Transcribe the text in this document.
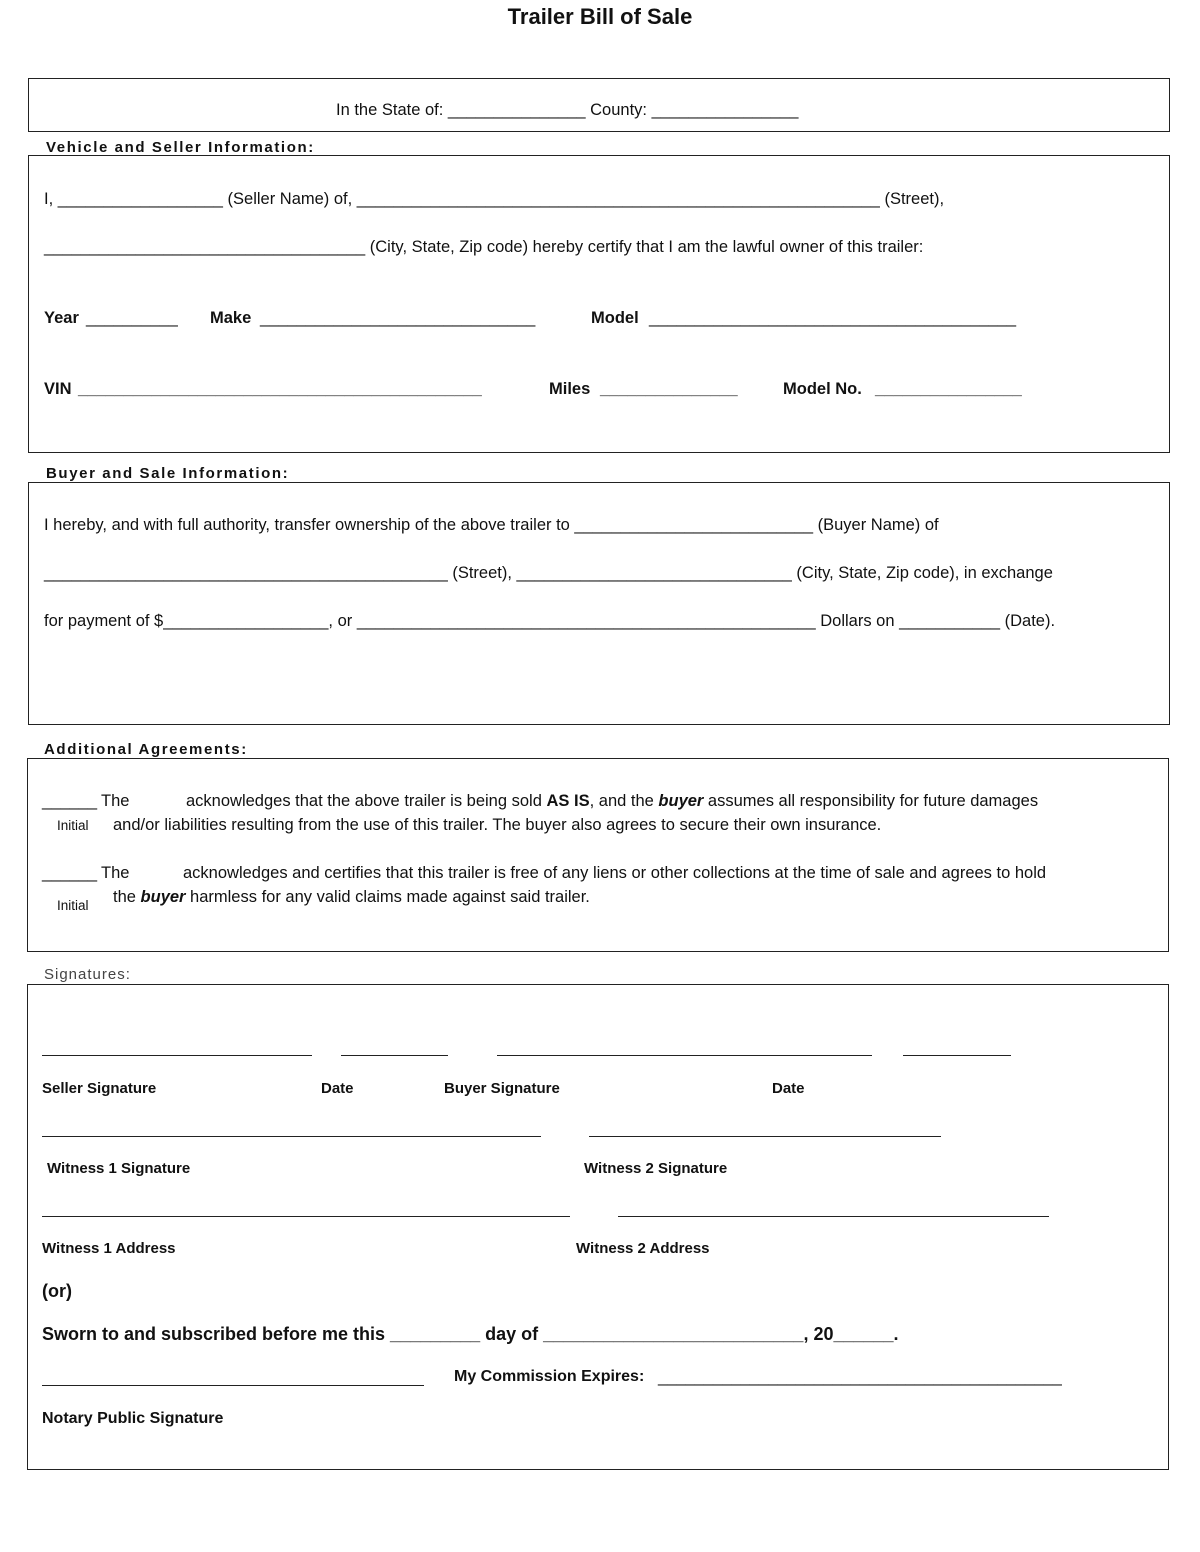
Trailer Bill of Sale
In the State of: _______________ County: ________________
Vehicle and Seller Information:
I, __________________ (Seller Name) of, _________________________________________________________ (Street),
___________________________________ (City, State, Zip code) hereby certify that I am the lawful owner of this trailer:
Year __________ Make ______________________________	Model ________________________________________
VIN ____________________________________________	Miles _______________	Model No. ________________
Buyer and Sale Information:
I hereby, and with full authority, transfer ownership of the above trailer to __________________________ (Buyer Name) of
____________________________________________ (Street), ______________________________ (City, State, Zip code), in exchange
for payment of $__________________, or __________________________________________________ Dollars on ___________ (Date).
Additional Agreements:
______ The	acknowledges that the above trailer is being sold AS IS, and the buyer assumes all responsibility for future damages
Initial and/or liabilities resulting from the use of this trailer. The buyer also agrees to secure their own insurance.
______ The	acknowledges and certifies that this trailer is free of any liens or other collections at the time of sale and agrees to hold
Initial the buyer harmless for any valid claims made against said trailer.
Signatures:
Seller Signature	Date	Buyer Signature	Date
Witness 1 Signature	Witness 2 Signature
Witness 1 Address	Witness 2 Address
(or)
Sworn to and subscribed before me this _________ day of __________________________, 20______.
My Commission Expires: ____________________________________________
Notary Public Signature
